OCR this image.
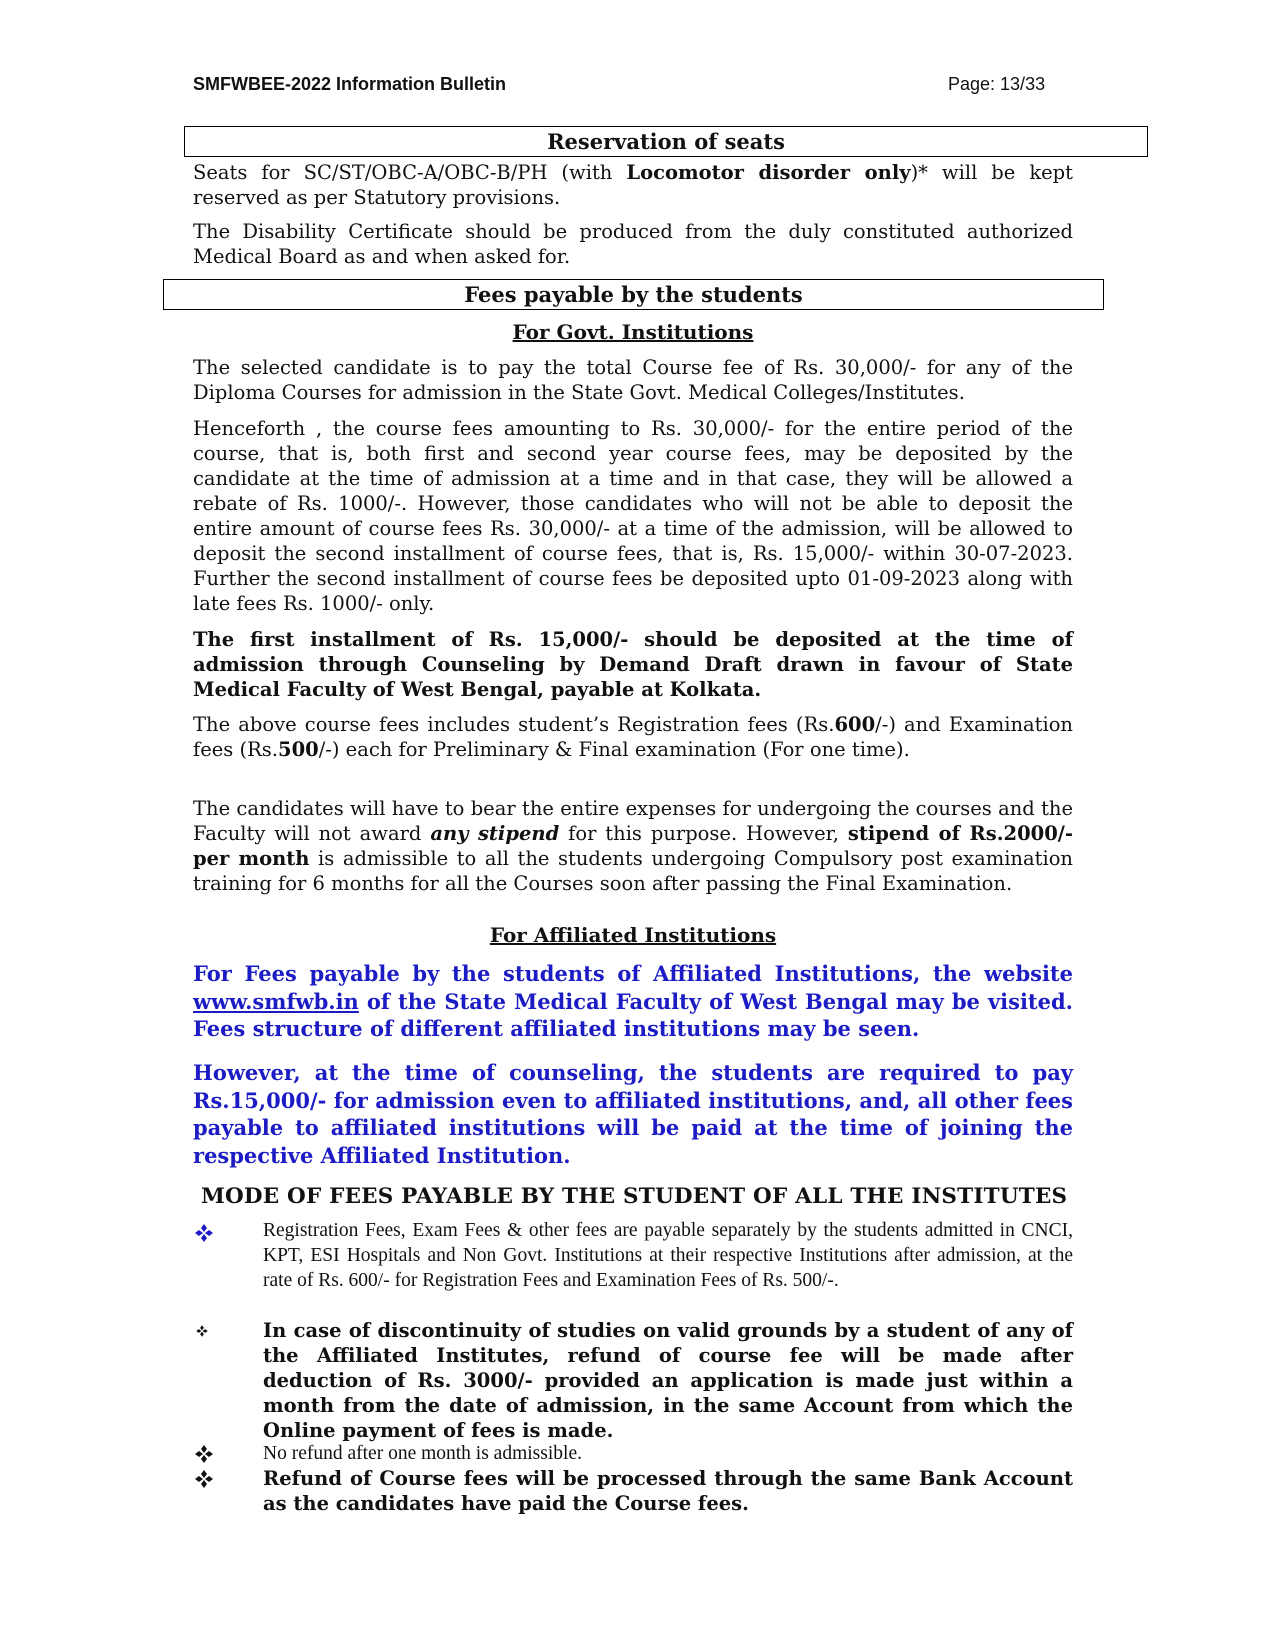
SMFWBEE-2022 Information Bulletin	Page: 13/33
Reservation of seats

Seats for SC/ST/OBC-A/OBC-B/PH (with Locomotor disorder only)* will be kept reserved as per Statutory provisions.

The Disability Certificate should be produced from the duly constituted authorized Medical Board as and when asked for.

Fees payable by the students
For Govt. Institutions

The selected candidate is to pay the total Course fee of Rs. 30,000/- for any of the Diploma Courses for admission in the State Govt. Medical Colleges/Institutes.

Henceforth , the course fees amounting to Rs. 30,000/- for the entire period of the course, that is, both first and second year course fees, may be deposited by the candidate at the time of admission at a time and in that case, they will be allowed a rebate of Rs. 1000/-. However, those candidates who will not be able to deposit the entire amount of course fees Rs. 30,000/- at a time of the admission, will be allowed to deposit the second installment of course fees, that is, Rs. 15,000/- within 30-07-2023. Further the second installment of course fees be deposited upto 01-09-2023 along with late fees Rs. 1000/- only.

The first installment of Rs. 15,000/- should be deposited at the time of admission through Counseling by Demand Draft drawn in favour of State Medical Faculty of West Bengal, payable at Kolkata.

The above course fees includes student’s Registration fees (Rs.600/-) and Examination fees (Rs.500/-) each for Preliminary & Final examination (For one time).

The candidates will have to bear the entire expenses for undergoing the courses and the Faculty will not award any stipend for this purpose. However, stipend of Rs.2000/- per month is admissible to all the students undergoing Compulsory post examination training for 6 months for all the Courses soon after passing the Final Examination.

For Affiliated Institutions

For Fees payable by the students of Affiliated Institutions, the website www.smfwb.in of the State Medical Faculty of West Bengal may be visited. Fees structure of different affiliated institutions may be seen.

However, at the time of counseling, the students are required to pay Rs.15,000/- for admission even to affiliated institutions, and, all other fees payable to affiliated institutions will be paid at the time of joining the respective Affiliated Institution.

MODE OF FEES PAYABLE BY THE STUDENT OF ALL THE INSTITUTES

Registration Fees, Exam Fees & other fees are payable separately by the students admitted in CNCI, KPT, ESI Hospitals and Non Govt. Institutions at their respective Institutions after admission, at the rate of Rs. 600/- for Registration Fees and Examination Fees of Rs. 500/-.

In case of discontinuity of studies on valid grounds by a student of any of the Affiliated Institutes, refund of course fee will be made after deduction of Rs. 3000/- provided an application is made just within a month from the date of admission, in the same Account from which the Online payment of fees is made.

No refund after one month is admissible.

Refund of Course fees will be processed through the same Bank Account as the candidates have paid the Course fees.
